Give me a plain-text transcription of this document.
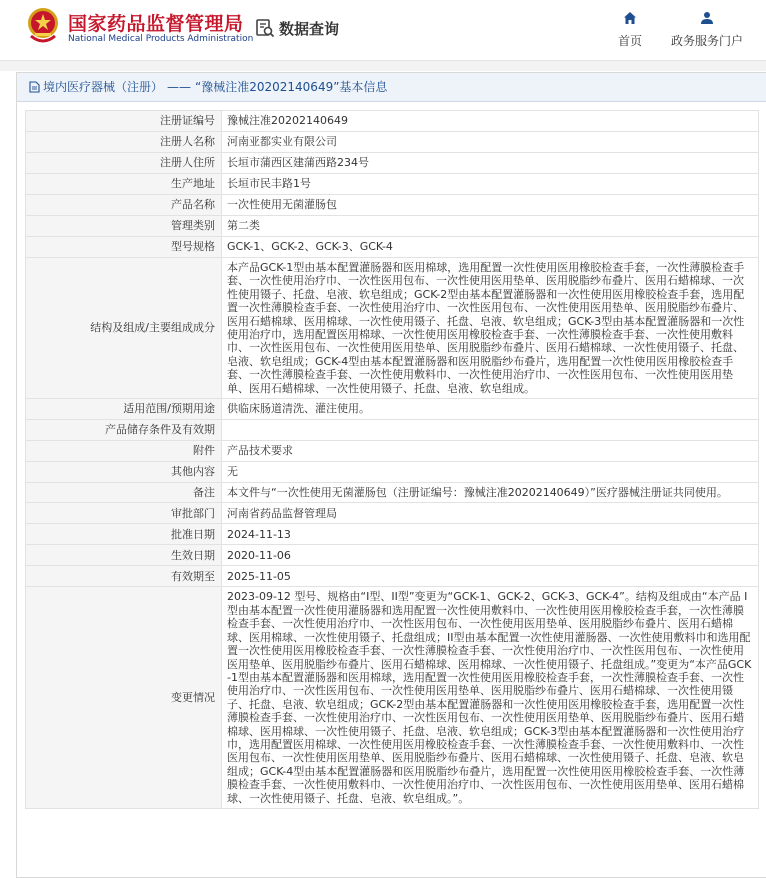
国家药品监督管理局
National Medical Products Administration
数据查询
首页	政务服务门户
境内医疗器械（注册） —— “豫械注准20202140649”基本信息
注册证编号	豫械注准20202140649
注册人名称	河南亚都实业有限公司
注册人住所	长垣市蒲西区建蒲西路234号
生产地址	长垣市民丰路1号
产品名称	一次性使用无菌灌肠包
管理类别	第二类
型号规格	GCK-1、GCK-2、GCK-3、GCK-4
结构及组成/主要组成成分	本产品GCK-1型由基本配置灌肠器和医用棉球，选用配置一次性使用医用橡胶检查手套，一次性薄膜检查手套、一次性使用治疗巾、一次性医用包布、一次性使用医用垫单、医用脱脂纱布叠片、医用石蜡棉球、一次性使用镊子、托盘、皂液、软皂组成；GCK-2型由基本配置灌肠器和一次性使用医用橡胶检查手套，选用配置一次性薄膜检查手套、一次性使用治疗巾、一次性医用包布、一次性使用医用垫单、医用脱脂纱布叠片、医用石蜡棉球、医用棉球、一次性使用镊子、托盘、皂液、软皂组成；GCK-3型由基本配置灌肠器和一次性使用治疗巾，选用配置医用棉球、一次性使用医用橡胶检查手套、一次性薄膜检查手套、一次性使用敷料巾、一次性医用包布、一次性使用医用垫单、医用脱脂纱布叠片、医用石蜡棉球、一次性使用镊子、托盘、皂液、软皂组成；GCK-4型由基本配置灌肠器和医用脱脂纱布叠片，选用配置一次性使用医用橡胶检查手套、一次性薄膜检查手套、一次性使用敷料巾、一次性使用治疗巾、一次性医用包布、一次性使用医用垫单、医用石蜡棉球、一次性使用镊子、托盘、皂液、软皂组成。
适用范围/预期用途	供临床肠道清洗、灌注使用。
产品储存条件及有效期	
附件	产品技术要求
其他内容	无
备注	本文件与“一次性使用无菌灌肠包（注册证编号：豫械注准20202140649）”医疗器械注册证共同使用。
审批部门	河南省药品监督管理局
批准日期	2024-11-13
生效日期	2020-11-06
有效期至	2025-11-05
变更情况	2023-09-12 型号、规格由“I型、II型”变更为“GCK-1、GCK-2、GCK-3、GCK-4”。结构及组成由“本产品 I 型由基本配置一次性使用灌肠器和选用配置一次性使用敷料巾、一次性使用医用橡胶检查手套，一次性薄膜检查手套、一次性使用治疗巾、一次性医用包布、一次性使用医用垫单、医用脱脂纱布叠片、医用石蜡棉球、医用棉球、一次性使用镊子、托盘组成；II型由基本配置一次性使用灌肠器、一次性使用敷料巾和选用配置一次性使用医用橡胶检查手套、一次性薄膜检查手套、一次性使用治疗巾、一次性医用包布、一次性使用医用垫单、医用脱脂纱布叠片、医用石蜡棉球、医用棉球、一次性使用镊子、托盘组成。”变更为“本产品GCK-1型由基本配置灌肠器和医用棉球，选用配置一次性使用医用橡胶检查手套，一次性薄膜检查手套、一次性使用治疗巾、一次性医用包布、一次性使用医用垫单、医用脱脂纱布叠片、医用石蜡棉球、一次性使用镊子、托盘、皂液、软皂组成；GCK-2型由基本配置灌肠器和一次性使用医用橡胶检查手套，选用配置一次性薄膜检查手套、一次性使用治疗巾、一次性医用包布、一次性使用医用垫单、医用脱脂纱布叠片、医用石蜡棉球、医用棉球、一次性使用镊子、托盘、皂液、软皂组成；GCK-3型由基本配置灌肠器和一次性使用治疗巾，选用配置医用棉球、一次性使用医用橡胶检查手套、一次性薄膜检查手套、一次性使用敷料巾、一次性医用包布、一次性使用医用垫单、医用脱脂纱布叠片、医用石蜡棉球、一次性使用镊子、托盘、皂液、软皂组成；GCK-4型由基本配置灌肠器和医用脱脂纱布叠片，选用配置一次性使用医用橡胶检查手套、一次性薄膜检查手套、一次性使用敷料巾、一次性使用治疗巾、一次性医用包布、一次性使用医用垫单、医用石蜡棉球、一次性使用镊子、托盘、皂液、软皂组成。”。
